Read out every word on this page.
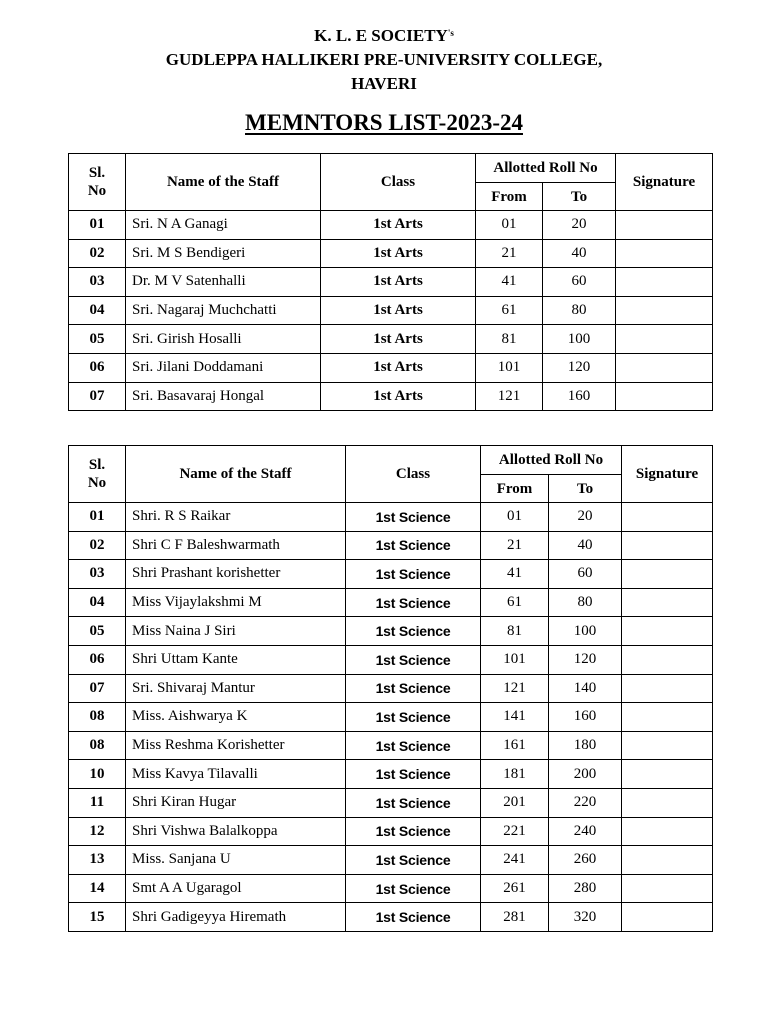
K. L. E $SOCIETY^{'s}$
GUDLEPPA HALLIKERI PRE-UNIVERSITY COLLEGE,
HAVERI
MEMNTORS LIST-2023-24
Sl.
No	Name of the Staff	Class	Allotted Roll No		Signature
			From	To	
01	Sri. N A Ganagi	1st Arts	01	20	
02	Sri. M S Bendigeri	1st Arts	21	40	
03	Dr. M V Satenhalli	1st Arts	41	60	
04	Sri. Nagaraj Muchchatti	1st Arts	61	80	
05	Sri. Girish Hosalli	1st Arts	81	100	
06	Sri. Jilani Doddamani	1st Arts	101	120	
07	Sri. Basavaraj Hongal	1st Arts	121	160	
Sl.
No	Name of the Staff	Class	Allotted Roll No		Signature
			From	To	
01	Shri. R S Raikar	1st Science	01	20	
02	Shri C F Baleshwarmath	1st Science	21	40	
03	Shri Prashant korishetter	1st Science	41	60	
04	Miss Vijaylakshmi M	1st Science	61	80	
05	Miss Naina J Siri	1st Science	81	100	
06	Shri Uttam Kante	1st Science	101	120	
07	Sri. Shivaraj Mantur	1st Science	121	140	
08	Miss. Aishwarya K	1st Science	141	160	
08	Miss Reshma Korishetter	1st Science	161	180	
10	Miss Kavya Tilavalli	1st Science	181	200	
11	Shri Kiran Hugar	1st Science	201	220	
12	Shri Vishwa Balalkoppa	1st Science	221	240	
13	Miss. Sanjana U	1st Science	241	260	
14	Smt A A Ugaragol	1st Science	261	280	
15	Shri Gadigeyya Hiremath	1st Science	281	320	
